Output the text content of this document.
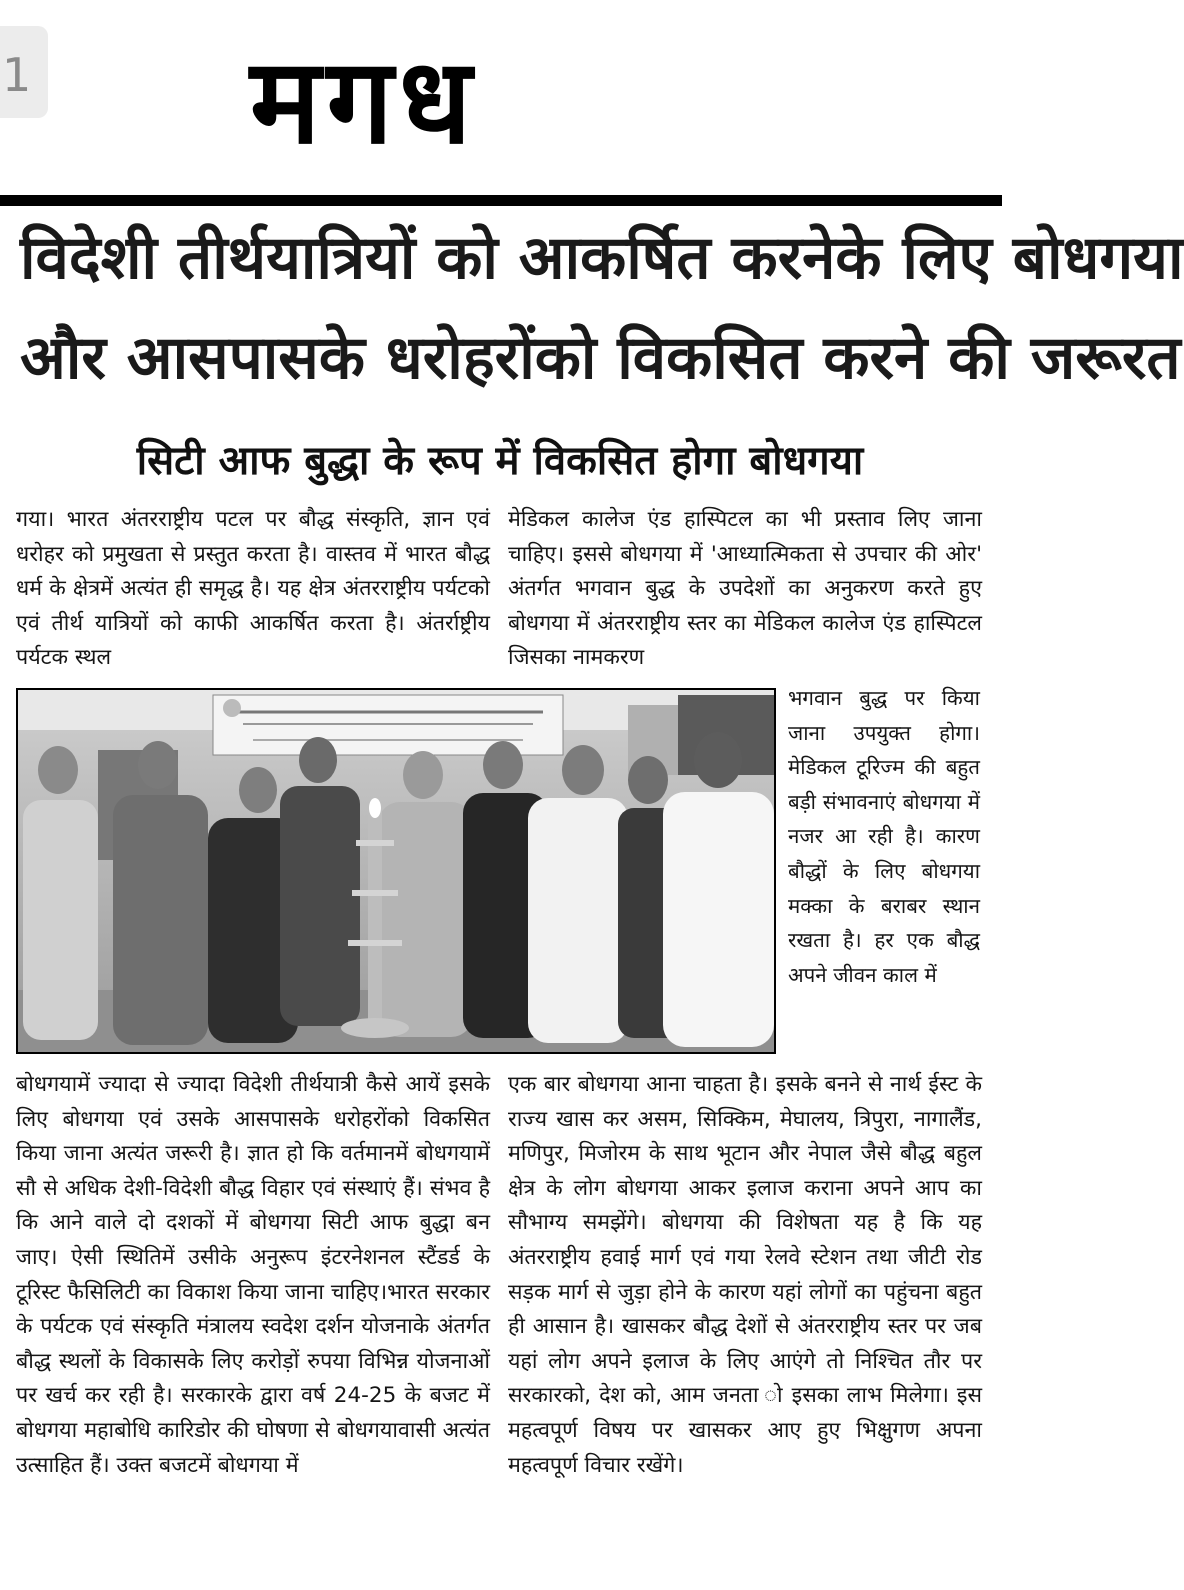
1 मगध
विदेशी तीर्थयात्रियों को आकर्षित करनेके लिए बोधगया
और आसपासके धरोहरोंको विकसित करने की जरूरत
सिटी आफ बुद्धा के रूप में विकसित होगा बोधगया
गया। भारत अंतरराष्ट्रीय पटल पर बौद्ध संस्कृति, ज्ञान एवं धरोहर को प्रमुखता से प्रस्तुत करता है। वास्तव में भारत बौद्ध धर्म के क्षेत्रमें अत्यंत ही समृद्ध है। यह क्षेत्र अंतरराष्ट्रीय पर्यटको एवं तीर्थ यात्रियों को काफी आकर्षित करता है। अंतर्राष्ट्रीय पर्यटक स्थल
मेडिकल कालेज एंड हास्पिटल का भी प्रस्ताव लिए जाना चाहिए। इससे बोधगया में 'आध्यात्मिकता से उपचार की ओर' अंतर्गत भगवान बुद्ध के उपदेशों का अनुकरण करते हुए बोधगया में अंतरराष्ट्रीय स्तर का मेडिकल कालेज एंड हास्पिटल जिसका नामकरण
भगवान बुद्ध पर किया जाना उपयुक्त होगा। मेडिकल टूरिज्म की बहुत बड़ी संभावनाएं बोधगया में नजर आ रही है। कारण बौद्धों के लिए बोधगया मक्का के बराबर स्थान रखता है। हर एक बौद्ध अपने जीवन काल में
बोधगयामें ज्यादा से ज्यादा विदेशी तीर्थयात्री कैसे आयें इसके लिए बोधगया एवं उसके आसपासके धरोहरोंको विकसित किया जाना अत्यंत जरूरी है। ज्ञात हो कि वर्तमानमें बोधगयामें सौ से अधिक देशी-विदेशी बौद्ध विहार एवं संस्थाएं हैं। संभव है कि आने वाले दो दशकों में बोधगया सिटी आफ बुद्धा बन जाए। ऐसी स्थितिमें उसीके अनुरूप इंटरनेशनल स्टैंडर्ड के टूरिस्ट फैसिलिटी का विकाश किया जाना चाहिए।भारत सरकार के पर्यटक एवं संस्कृति मंत्रालय स्वदेश दर्शन योजनाके अंतर्गत बौद्ध स्थलों के विकासके लिए करोड़ों रुपया विभिन्न योजनाओं पर खर्च कर रही है। सरकारके द्वारा वर्ष 24-25 के बजट में बोधगया महाबोधि कारिडोर की घोषणा से बोधगयावासी अत्यंत उत्साहित हैं। उक्त बजटमें बोधगया में
एक बार बोधगया आना चाहता है। इसके बनने से नार्थ ईस्ट के राज्य खास कर असम, सिक्किम, मेघालय, त्रिपुरा, नागालैंड, मणिपुर, मिजोरम के साथ भूटान और नेपाल जैसे बौद्ध बहुल क्षेत्र के लोग बोधगया आकर इलाज कराना अपने आप का सौभाग्य समझेंगे। बोधगया की विशेषता यह है कि यह अंतरराष्ट्रीय हवाई मार्ग एवं गया रेलवे स्टेशन तथा जीटी रोड सड़क मार्ग से जुड़ा होने के कारण यहां लोगों का पहुंचना बहुत ही आसान है। खासकर बौद्ध देशों से अंतरराष्ट्रीय स्तर पर जब यहां लोग अपने इलाज के लिए आएंगे तो निश्चित तौर पर सरकारको, देश को, आम जनता ो इसका लाभ मिलेगा। इस महत्वपूर्ण विषय पर खासकर आए हुए भिक्षुगण अपना महत्वपूर्ण विचार रखेंगे।
